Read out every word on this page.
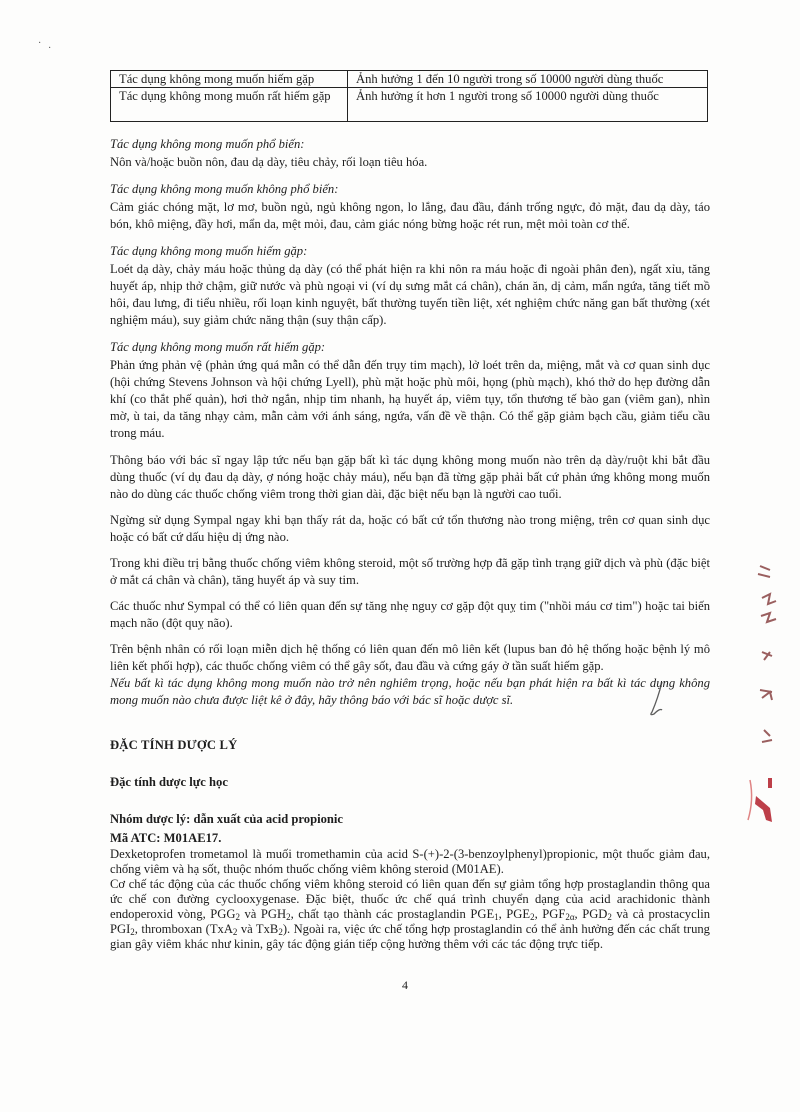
· ·
Tác dụng không mong muốn hiếm gặp	Ảnh hưởng 1 đến 10 người trong số 10000 người dùng thuốc
Tác dụng không mong muốn rất hiếm gặp	Ảnh hưởng ít hơn 1 người trong số 10000 người dùng thuốc

Tác dụng không mong muốn phổ biến:

Nôn và/hoặc buồn nôn, đau dạ dày, tiêu chảy, rối loạn tiêu hóa.

Tác dụng không mong muốn không phổ biến:

Cảm giác chóng mặt, lơ mơ, buồn ngủ, ngủ không ngon, lo lắng, đau đầu, đánh trống ngực, đỏ mặt, đau dạ dày, táo bón, khô miệng, đầy hơi, mẩn da, mệt mỏi, đau, cảm giác nóng bừng hoặc rét run, mệt mỏi toàn cơ thể.

Tác dụng không mong muốn hiếm gặp:

Loét dạ dày, chảy máu hoặc thủng dạ dày (có thể phát hiện ra khi nôn ra máu hoặc đi ngoài phân đen), ngất xỉu, tăng huyết áp, nhịp thở chậm, giữ nước và phù ngoại vi (ví dụ sưng mắt cá chân), chán ăn, dị cảm, mẩn ngứa, tăng tiết mồ hôi, đau lưng, đi tiểu nhiều, rối loạn kinh nguyệt, bất thường tuyến tiền liệt, xét nghiệm chức năng gan bất thường (xét nghiệm máu), suy giảm chức năng thận (suy thận cấp).

Tác dụng không mong muốn rất hiếm gặp:

Phản ứng phản vệ (phản ứng quá mẫn có thể dẫn đến trụy tim mạch), lở loét trên da, miệng, mắt và cơ quan sinh dục (hội chứng Stevens Johnson và hội chứng Lyell), phù mặt hoặc phù môi, họng (phù mạch), khó thở do hẹp đường dẫn khí (co thắt phế quản), hơi thở ngắn, nhịp tim nhanh, hạ huyết áp, viêm tụy, tổn thương tế bào gan (viêm gan), nhìn mờ, ù tai, da tăng nhạy cảm, mẫn cảm với ánh sáng, ngứa, vấn đề về thận. Có thể gặp giảm bạch cầu, giảm tiểu cầu trong máu.

Thông báo với bác sĩ ngay lập tức nếu bạn gặp bất kì tác dụng không mong muốn nào trên dạ dày/ruột khi bắt đầu dùng thuốc (ví dụ đau dạ dày, ợ nóng hoặc chảy máu), nếu bạn đã từng gặp phải bất cứ phản ứng không mong muốn nào do dùng các thuốc chống viêm trong thời gian dài, đặc biệt nếu bạn là người cao tuổi.

Ngừng sử dụng Sympal ngay khi bạn thấy rát da, hoặc có bất cứ tổn thương nào trong miệng, trên cơ quan sinh dục hoặc có bất cứ dấu hiệu dị ứng nào.

Trong khi điều trị bằng thuốc chống viêm không steroid, một số trường hợp đã gặp tình trạng giữ dịch và phù (đặc biệt ở mắt cá chân và chân), tăng huyết áp và suy tim.

Các thuốc như Sympal có thể có liên quan đến sự tăng nhẹ nguy cơ gặp đột quỵ tim ("nhồi máu cơ tim") hoặc tai biến mạch não (đột quỵ não).

Trên bệnh nhân có rối loạn miễn dịch hệ thống có liên quan đến mô liên kết (lupus ban đỏ hệ thống hoặc bệnh lý mô liên kết phối hợp), các thuốc chống viêm có thể gây sốt, đau đầu và cứng gáy ở tần suất hiếm gặp.

Nếu bất kì tác dụng không mong muốn nào trở nên nghiêm trọng, hoặc nếu bạn phát hiện ra bất kì tác dụng không mong muốn nào chưa được liệt kê ở đây, hãy thông báo với bác sĩ hoặc dược sĩ.

ĐẶC TÍNH DƯỢC LÝ

Đặc tính dược lực học

Nhóm dược lý: dẫn xuất của acid propionic

Mã ATC: M01AE17.

Dexketoprofen trometamol là muối tromethamin của acid S-(+)-2-(3-benzoylphenyl)propionic, một thuốc giảm đau, chống viêm và hạ sốt, thuộc nhóm thuốc chống viêm không steroid (M01AE).

Cơ chế tác động của các thuốc chống viêm không steroid có liên quan đến sự giảm tổng hợp prostaglandin thông qua ức chế con đường cyclooxygenase. Đặc biệt, thuốc ức chế quá trình chuyển dạng của acid arachidonic thành endoperoxid vòng, $PGG_2$ và $PGH_2$, chất tạo thành các prostaglandin $PGE_1$, $PGE_2$, $PGF_{2\alpha}$, $PGD_2$ và cả prostacyclin $PGI_2$, thromboxan (TxA$_2$ và TxB$_2$). Ngoài ra, việc ức chế tổng hợp prostaglandin có thể ảnh hưởng đến các chất trung gian gây viêm khác như kinin, gây tác động gián tiếp cộng hưởng thêm với các tác động trực tiếp.

4
